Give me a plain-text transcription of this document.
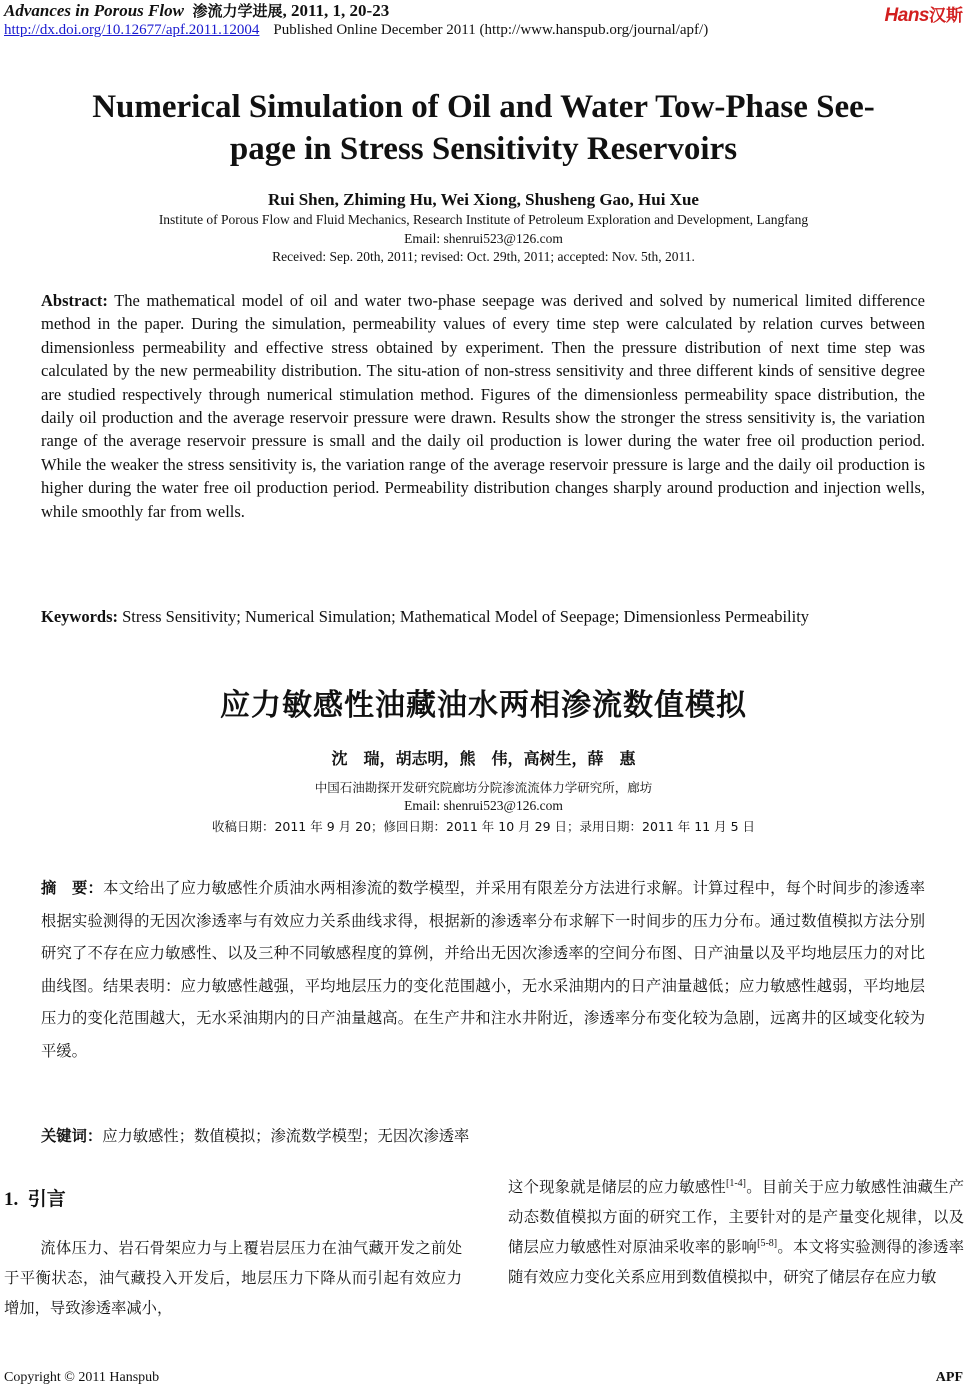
Advances in Porous Flow 渗流力学进展, 2011, 1, 20-23
http://dx.doi.org/10.12677/apf.2011.12004 Published Online December 2011 (http://www.hanspub.org/journal/apf/)
Hans汉斯
Numerical Simulation of Oil and Water Tow-Phase See-
page in Stress Sensitivity Reservoirs
Rui Shen, Zhiming Hu, Wei Xiong, Shusheng Gao, Hui Xue
Institute of Porous Flow and Fluid Mechanics, Research Institute of Petroleum Exploration and Development, Langfang
Email: shenrui523@126.com
Received: Sep. 20th, 2011; revised: Oct. 29th, 2011; accepted: Nov. 5th, 2011.
Abstract: The mathematical model of oil and water two-phase seepage was derived and solved by numerical limited difference method in the paper. During the simulation, permeability values of every time step were calculated by relation curves between dimensionless permeability and effective stress obtained by experiment. Then the pressure distribution of next time step was calculated by the new permeability distribution. The situ-ation of non-stress sensitivity and three different kinds of sensitive degree are studied respectively through numerical stimulation method. Figures of the dimensionless permeability space distribution, the daily oil production and the average reservoir pressure were drawn. Results show the stronger the stress sensitivity is, the variation range of the average reservoir pressure is small and the daily oil production is lower during the water free oil production period. While the weaker the stress sensitivity is, the variation range of the average reservoir pressure is large and the daily oil production is higher during the water free oil production period. Permeability distribution changes sharply around production and injection wells, while smoothly far from wells.
Keywords: Stress Sensitivity; Numerical Simulation; Mathematical Model of Seepage; Dimensionless Permeability
应力敏感性油藏油水两相渗流数值模拟
沈　瑞，胡志明，熊　伟，高树生，薛　惠
中国石油勘探开发研究院廊坊分院渗流流体力学研究所，廊坊
Email: shenrui523@126.com
收稿日期：2011 年 9 月 20；修回日期：2011 年 10 月 29 日；录用日期：2011 年 11 月 5 日
摘　要：本文给出了应力敏感性介质油水两相渗流的数学模型，并采用有限差分方法进行求解。计算过程中，每个时间步的渗透率根据实验测得的无因次渗透率与有效应力关系曲线求得，根据新的渗透率分布求解下一时间步的压力分布。通过数值模拟方法分别研究了不存在应力敏感性、以及三种不同敏感程度的算例，并给出无因次渗透率的空间分布图、日产油量以及平均地层压力的对比曲线图。结果表明：应力敏感性越强，平均地层压力的变化范围越小，无水采油期内的日产油量越低；应力敏感性越弱，平均地层压力的变化范围越大，无水采油期内的日产油量越高。在生产井和注水井附近，渗透率分布变化较为急剧，远离井的区域变化较为平缓。
关键词：应力敏感性；数值模拟；渗流数学模型；无因次渗透率
1. 引言
流体压力、岩石骨架应力与上覆岩层压力在油气藏开发之前处于平衡状态，油气藏投入开发后，地层压力下降从而引起有效应力增加，导致渗透率减小，
这个现象就是储层的应力敏感性[1-4]。目前关于应力敏感性油藏生产动态数值模拟方面的研究工作，主要针对的是产量变化规律，以及储层应力敏感性对原油采收率的影响[5-8]。本文将实验测得的渗透率随有效应力变化关系应用到数值模拟中，研究了储层存在应力敏
Copyright © 2011 Hanspub	APF
